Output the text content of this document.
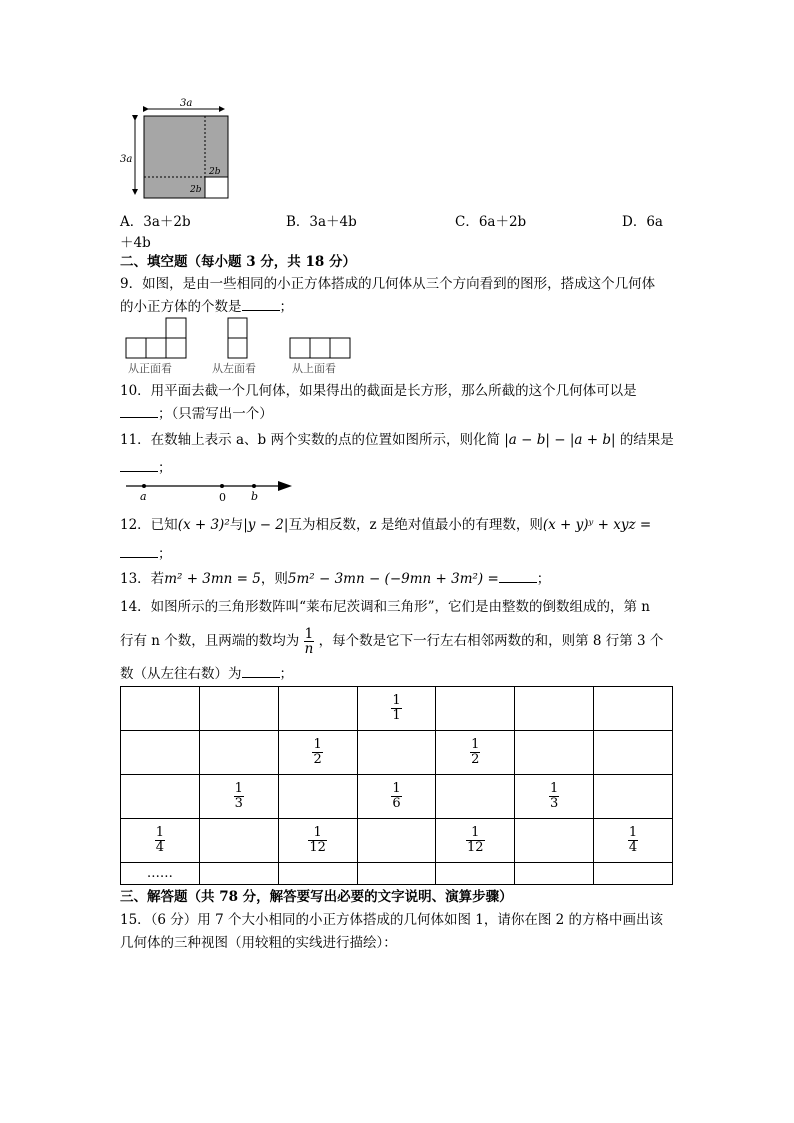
3a
3a
2b
2b
A．3a＋2b	B．3a＋4b	C．6a＋2b	D．6a
＋4b
二、填空题（每小题 3 分，共 18 分）
9．如图，是由一些相同的小正方体搭成的几何体从三个方向看到的图形，搭成这个几何体
的小正方体的个数是	；
从正面看	从左面看	从上面看
10．用平面去截一个几何体，如果得出的截面是长方形，那么所截的这个几何体可以是
；（只需写出一个）
11．在数轴上表示 a、b 两个实数的点的位置如图所示，则化简 |a − b| − |a + b| 的结果是
；
a	0 b
12．已知(x + 3)²与|y − 2|互为相反数，z 是绝对值最小的有理数，则(x + y)ʸ + xyz =
；
13．若m² + 3mn = 5，则5m² − 3mn − (−9mn + 3m²) =	；
14．如图所示的三角形数阵叫“莱布尼茨调和三角形”，它们是由整数的倒数组成的，第 n
行有 n 个数，且两端的数均为 $\frac{1}{n}$ ，每个数是它下一行左右相邻两数的和，则第 8 行第 3 个
数（从左往右数）为	；

			$\frac{1}{1}$

		$\frac{1}{2}$		$\frac{1}{2}$

	$\frac{1}{3}$		$\frac{1}{6}$		$\frac{1}{3}$

$\frac{1}{4}$		$\frac{1}{12}$		$\frac{1}{12}$		$\frac{1}{4}$

……						
三、解答题（共 78 分，解答要写出必要的文字说明、演算步骤）
15．（6 分）用 7 个大小相同的小正方体搭成的几何体如图 1，请你在图 2 的方格中画出该
几何体的三种视图（用较粗的实线进行描绘）：
